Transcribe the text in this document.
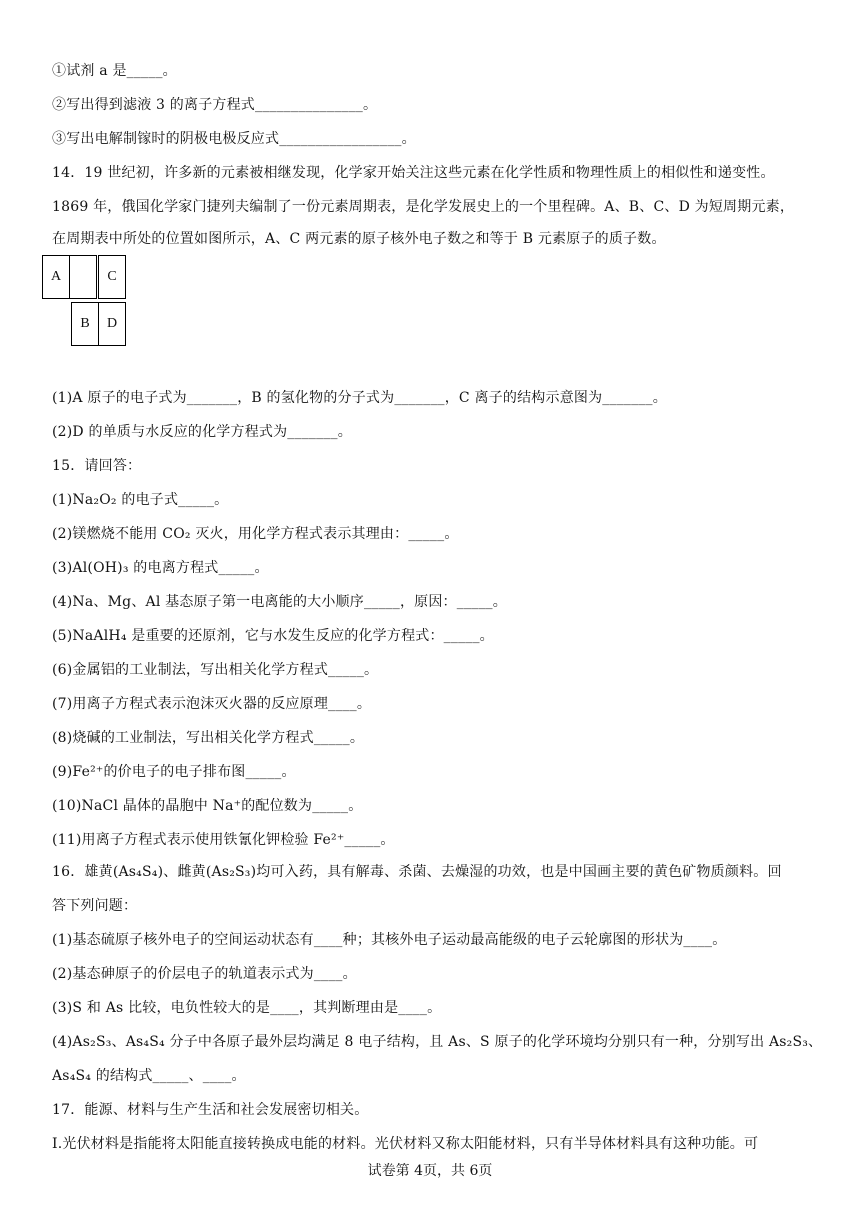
①试剂 a 是_____。
②写出得到滤液 3 的离子方程式_______________。
③写出电解制镓时的阴极电极反应式_________________。
14．19 世纪初，许多新的元素被相继发现，化学家开始关注这些元素在化学性质和物理性质上的相似性和递变性。
1869 年，俄国化学家门捷列夫编制了一份元素周期表，是化学发展史上的一个里程碑。A、B、C、D 为短周期元素，
在周期表中所处的位置如图所示，A、C 两元素的原子核外电子数之和等于 B 元素原子的质子数。
A	C
B	D
(1)A 原子的电子式为_______，B 的氢化物的分子式为_______，C 离子的结构示意图为_______。
(2)D 的单质与水反应的化学方程式为_______。
15．请回答：
(1)Na₂O₂ 的电子式_____。
(2)镁燃烧不能用 CO₂ 灭火，用化学方程式表示其理由：_____。
(3)Al(OH)₃ 的电离方程式_____。
(4)Na、Mg、Al 基态原子第一电离能的大小顺序_____，原因：_____。
(5)NaAlH₄ 是重要的还原剂，它与水发生反应的化学方程式：_____。
(6)金属铝的工业制法，写出相关化学方程式_____。
(7)用离子方程式表示泡沫灭火器的反应原理____。
(8)烧碱的工业制法，写出相关化学方程式_____。
(9)Fe²⁺的价电子的电子排布图_____。
(10)NaCl 晶体的晶胞中 Na⁺的配位数为_____。
(11)用离子方程式表示使用铁氰化钾检验 Fe²⁺_____。
16．雄黄(As₄S₄)、雌黄(As₂S₃)均可入药，具有解毒、杀菌、去燥湿的功效，也是中国画主要的黄色矿物质颜料。回
答下列问题：
(1)基态硫原子核外电子的空间运动状态有____种；其核外电子运动最高能级的电子云轮廓图的形状为____。
(2)基态砷原子的价层电子的轨道表示式为____。
(3)S 和 As 比较，电负性较大的是____，其判断理由是____。
(4)As₂S₃、As₄S₄ 分子中各原子最外层均满足 8 电子结构，且 As、S 原子的化学环境均分别只有一种，分别写出 As₂S₃、
As₄S₄ 的结构式_____、____。
17．能源、材料与生产生活和社会发展密切相关。
I.光伏材料是指能将太阳能直接转换成电能的材料。光伏材料又称太阳能材料，只有半导体材料具有这种功能。可
试卷第 4页，共 6页
